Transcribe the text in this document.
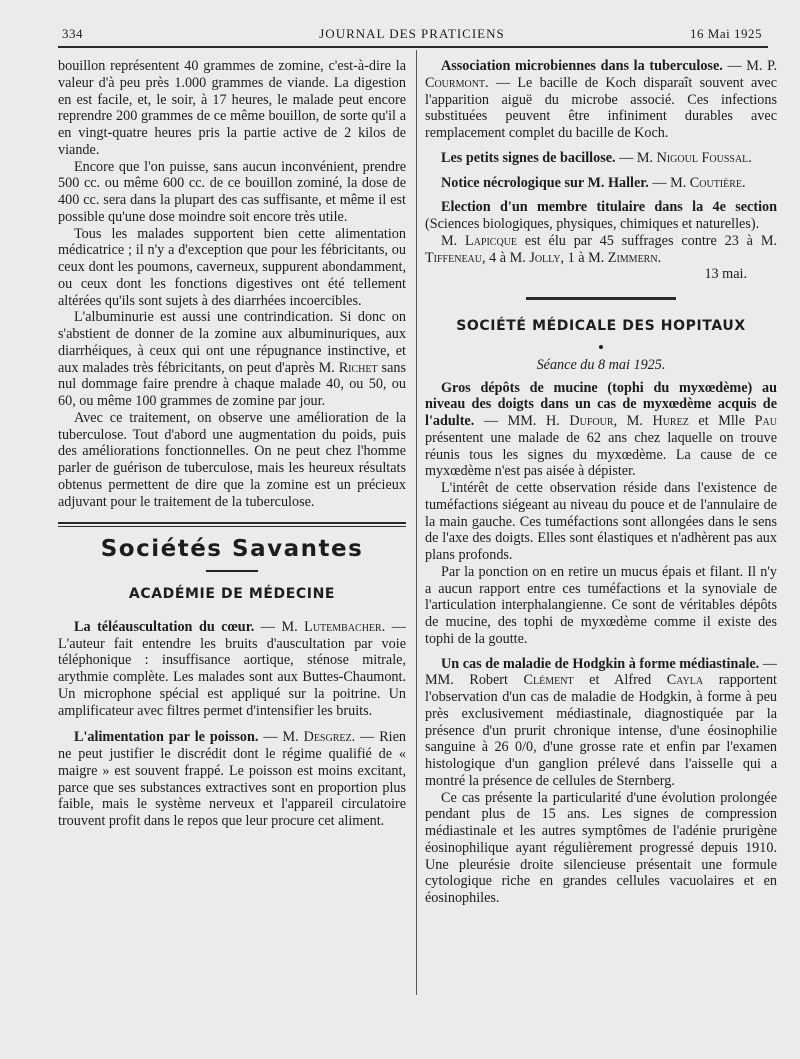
334	JOURNAL DES PRATICIENS	16 Mai 1925

bouillon représentent 40 grammes de zomine, c'est-à-dire la valeur d'à peu près 1.000 grammes de viande. La digestion en est facile, et, le soir, à 17 heures, le malade peut encore reprendre 200 grammes de ce même bouillon, de sorte qu'il a en vingt-quatre heures pris la partie active de 2 kilos de viande.

Encore que l'on puisse, sans aucun inconvénient, prendre 500 cc. ou même 600 cc. de ce bouillon zominé, la dose de 400 cc. sera dans la plupart des cas suffisante, et même il est possible qu'une dose moindre soit encore très utile.

Tous les malades supportent bien cette alimentation médicatrice ; il n'y a d'exception que pour les fébricitants, ou ceux dont les poumons, caverneux, suppurent abondamment, ou ceux dont les fonctions digestives ont été tellement altérées qu'ils sont sujets à des diarrhées incoercibles.

L'albuminurie est aussi une contrindication. Si donc on s'abstient de donner de la zomine aux albuminuriques, aux diarrhéiques, à ceux qui ont une répugnance instinctive, et aux malades très fébricitants, on peut d'après M. Richet sans nul dommage faire prendre à chaque malade 40, ou 50, ou 60, ou même 100 grammes de zomine par jour.

Avec ce traitement, on observe une amélioration de la tuberculose. Tout d'abord une augmentation du poids, puis des améliorations fonctionnelles. On ne peut chez l'homme parler de guérison de tuberculose, mais les heureux résultats obtenus permettent de dire que la zomine est un précieux adjuvant pour le traitement de la tuberculose.

Sociétés Savantes
ACADÉMIE DE MÉDECINE

La téléauscultation du cœur. — M. Lutembacher. — L'auteur fait entendre les bruits d'auscultation par voie téléphonique : insuffisance aortique, sténose mitrale, arythmie complète. Les malades sont aux Buttes-Chaumont. Un microphone spécial est appliqué sur la poitrine. Un amplificateur avec filtres permet d'intensifier les bruits.

L'alimentation par le poisson. — M. Desgrez. — Rien ne peut justifier le discrédit dont le régime qualifié de « maigre » est souvent frappé. Le poisson est moins excitant, parce que ses substances extractives sont en proportion plus faible, mais le système nerveux et l'appareil circulatoire trouvent profit dans le repos que leur procure cet aliment.

Association microbiennes dans la tuberculose. — M. P. Courmont. — Le bacille de Koch disparaît souvent avec l'apparition aiguë du microbe associé. Ces infections substituées peuvent être infiniment durables avec remplacement complet du bacille de Koch.

Les petits signes de bacillose. — M. Nigoul Foussal.

Notice nécrologique sur M. Haller. — M. Coutière.

Election d'un membre titulaire dans la 4e section (Sciences biologiques, physiques, chimiques et naturelles).

M. Lapicque est élu par 45 suffrages contre 23 à M. Tiffeneau, 4 à M. Jolly, 1 à M. Zimmern.

13 mai.

SOCIÉTÉ MÉDICALE DES HOPITAUX

Séance du 8 mai 1925.

Gros dépôts de mucine (tophi du myxœdème) au niveau des doigts dans un cas de myxœdème acquis de l'adulte. — MM. H. Dufour, M. Hurez et Mlle Pau présentent une malade de 62 ans chez laquelle on trouve réunis tous les signes du myxœdème. La cause de ce myxœdème n'est pas aisée à dépister.

L'intérêt de cette observation réside dans l'existence de tuméfactions siégeant au niveau du pouce et de l'annulaire de la main gauche. Ces tuméfactions sont allongées dans le sens de l'axe des doigts. Elles sont élastiques et n'adhèrent pas aux plans profonds.

Par la ponction on en retire un mucus épais et filant. Il n'y a aucun rapport entre ces tuméfactions et la synoviale de l'articulation interphalangienne. Ce sont de véritables dépôts de mucine, des tophi de myxœdème comme il existe des tophi de la goutte.

Un cas de maladie de Hodgkin à forme médiastinale. — MM. Robert Clément et Alfred Cayla rapportent l'observation d'un cas de maladie de Hodgkin, à forme à peu près exclusivement médiastinale, diagnostiquée par la présence d'un prurit chronique intense, d'une éosinophilie sanguine à 26 0/0, d'une grosse rate et enfin par l'examen histologique d'un ganglion prélevé dans l'aisselle qui a montré la présence de cellules de Sternberg.

Ce cas présente la particularité d'une évolution prolongée pendant plus de 15 ans. Les signes de compression médiastinale et les autres symptômes de l'adénie prurigène éosinophilique ayant régulièrement progressé depuis 1910. Une pleurésie droite silencieuse présentait une formule cytologique riche en grandes cellules vacuolaires et en éosinophiles.
